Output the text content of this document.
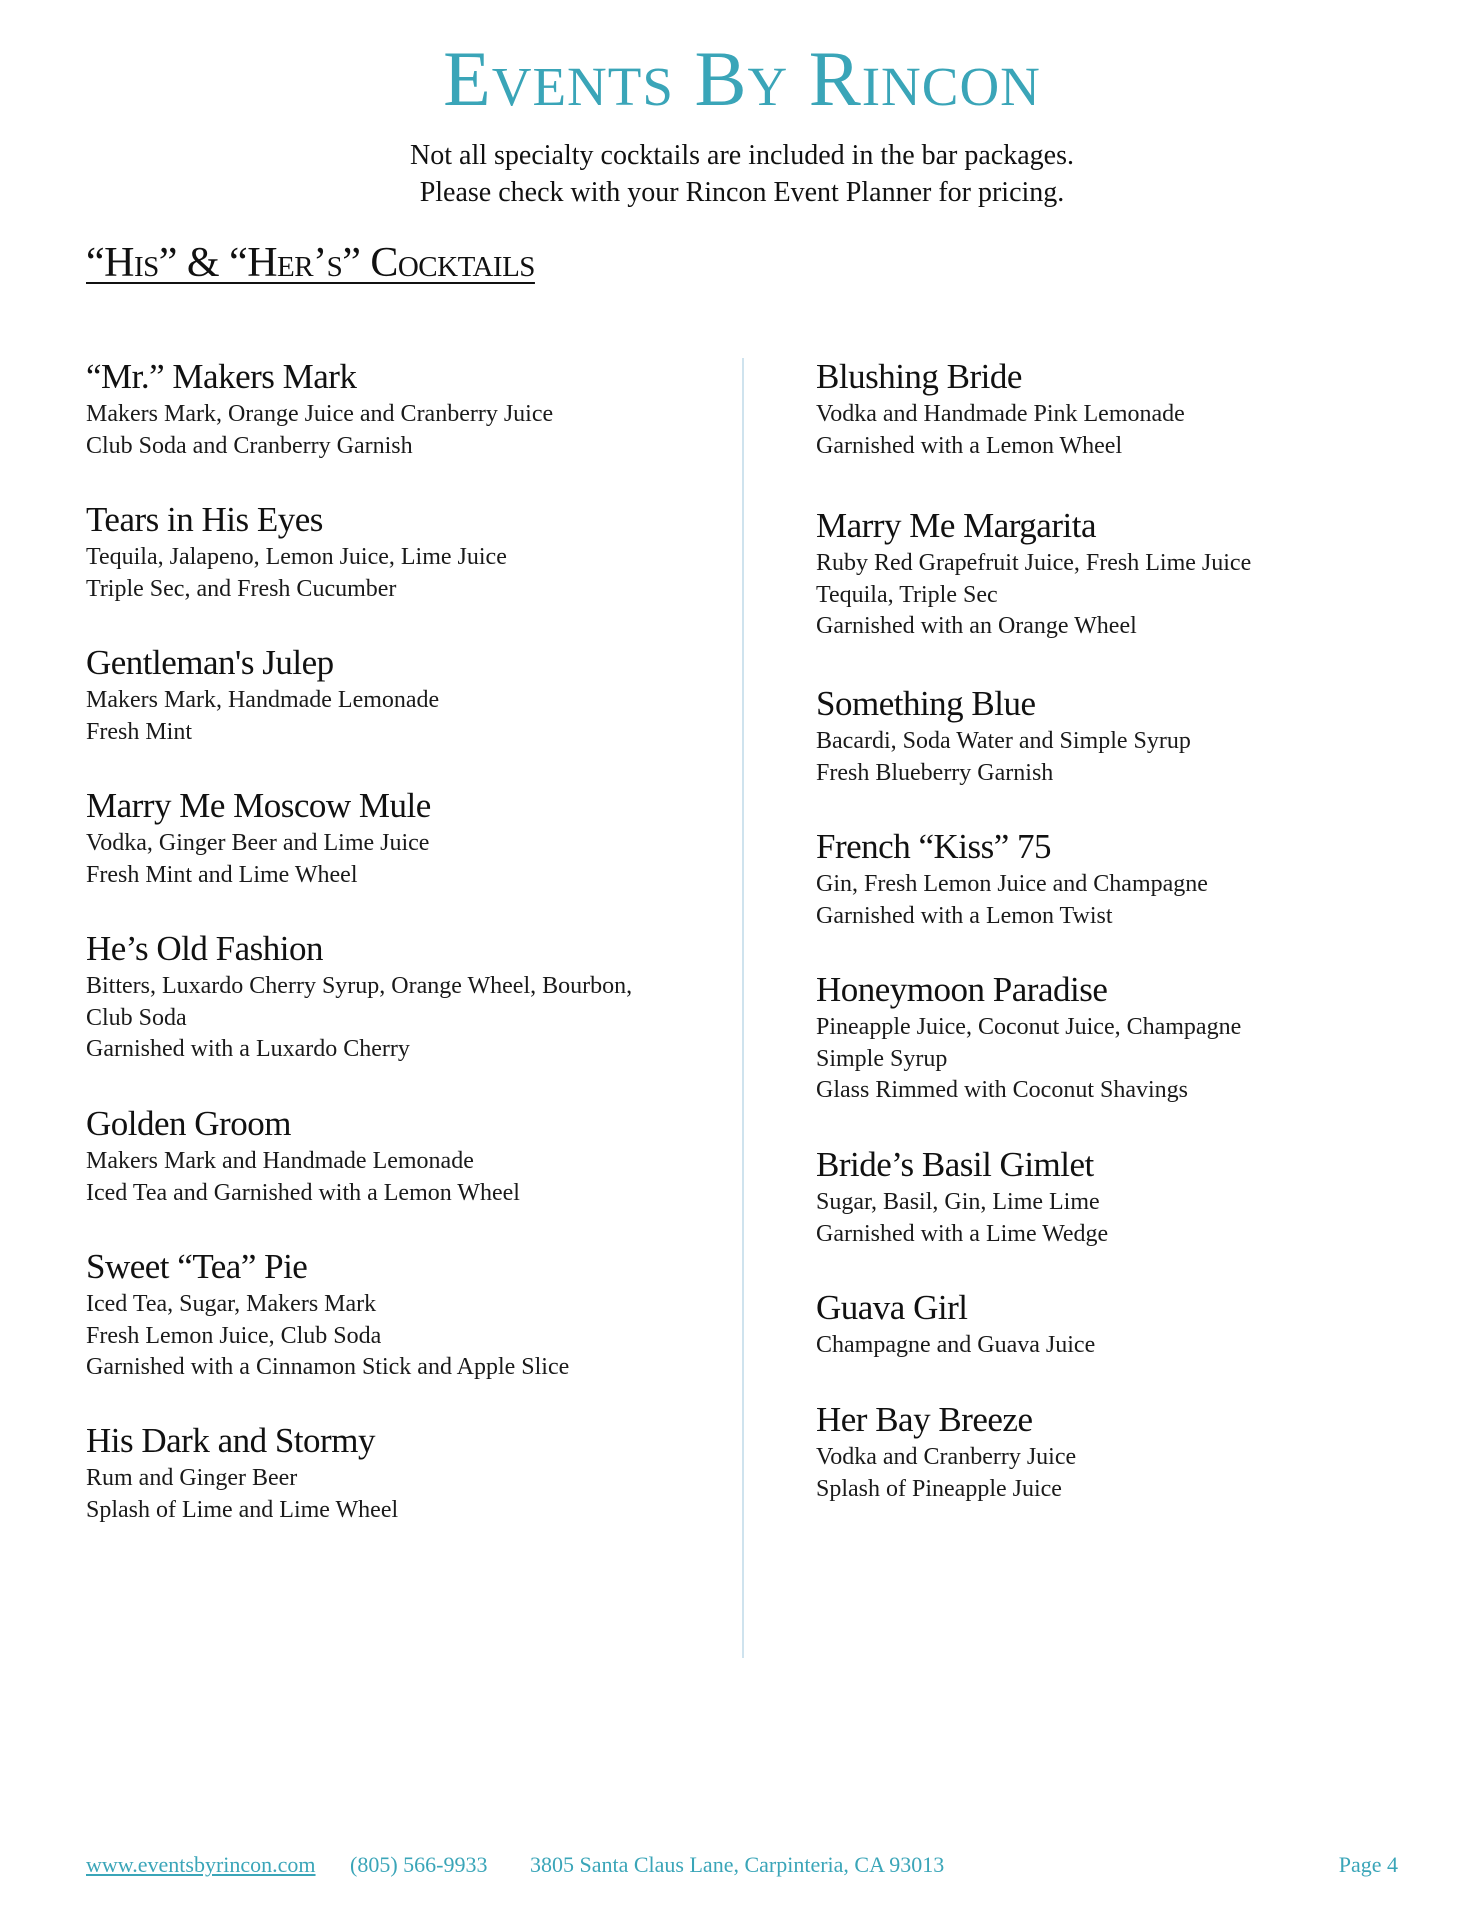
Events By Rincon
Not all specialty cocktails are included in the bar packages.
Please check with your Rincon Event Planner for pricing.
“His” & “Her’s” Cocktails
“Mr.” Makers Mark
Makers Mark, Orange Juice and Cranberry Juice
Club Soda and Cranberry Garnish
Tears in His Eyes
Tequila, Jalapeno, Lemon Juice, Lime Juice
Triple Sec, and Fresh Cucumber
Gentleman's Julep
Makers Mark, Handmade Lemonade
Fresh Mint
Marry Me Moscow Mule
Vodka, Ginger Beer and Lime Juice
Fresh Mint and Lime Wheel
He’s Old Fashion
Bitters, Luxardo Cherry Syrup, Orange Wheel, Bourbon,
Club Soda
Garnished with a Luxardo Cherry
Golden Groom
Makers Mark and Handmade Lemonade
Iced Tea and Garnished with a Lemon Wheel
Sweet “Tea” Pie
Iced Tea, Sugar, Makers Mark
Fresh Lemon Juice, Club Soda
Garnished with a Cinnamon Stick and Apple Slice
His Dark and Stormy
Rum and Ginger Beer
Splash of Lime and Lime Wheel
Blushing Bride
Vodka and Handmade Pink Lemonade
Garnished with a Lemon Wheel
Marry Me Margarita
Ruby Red Grapefruit Juice, Fresh Lime Juice
Tequila, Triple Sec
Garnished with an Orange Wheel
Something Blue
Bacardi, Soda Water and Simple Syrup
Fresh Blueberry Garnish
French “Kiss” 75
Gin, Fresh Lemon Juice and Champagne
Garnished with a Lemon Twist
Honeymoon Paradise
Pineapple Juice, Coconut Juice, Champagne
Simple Syrup
Glass Rimmed with Coconut Shavings
Bride’s Basil Gimlet
Sugar, Basil, Gin, Lime Lime
Garnished with a Lime Wedge
Guava Girl
Champagne and Guava Juice
Her Bay Breeze
Vodka and Cranberry Juice
Splash of Pineapple Juice
www.eventsbyrincon.com (805) 566-9933 3805 Santa Claus Lane, Carpinteria, CA 93013	Page 4
